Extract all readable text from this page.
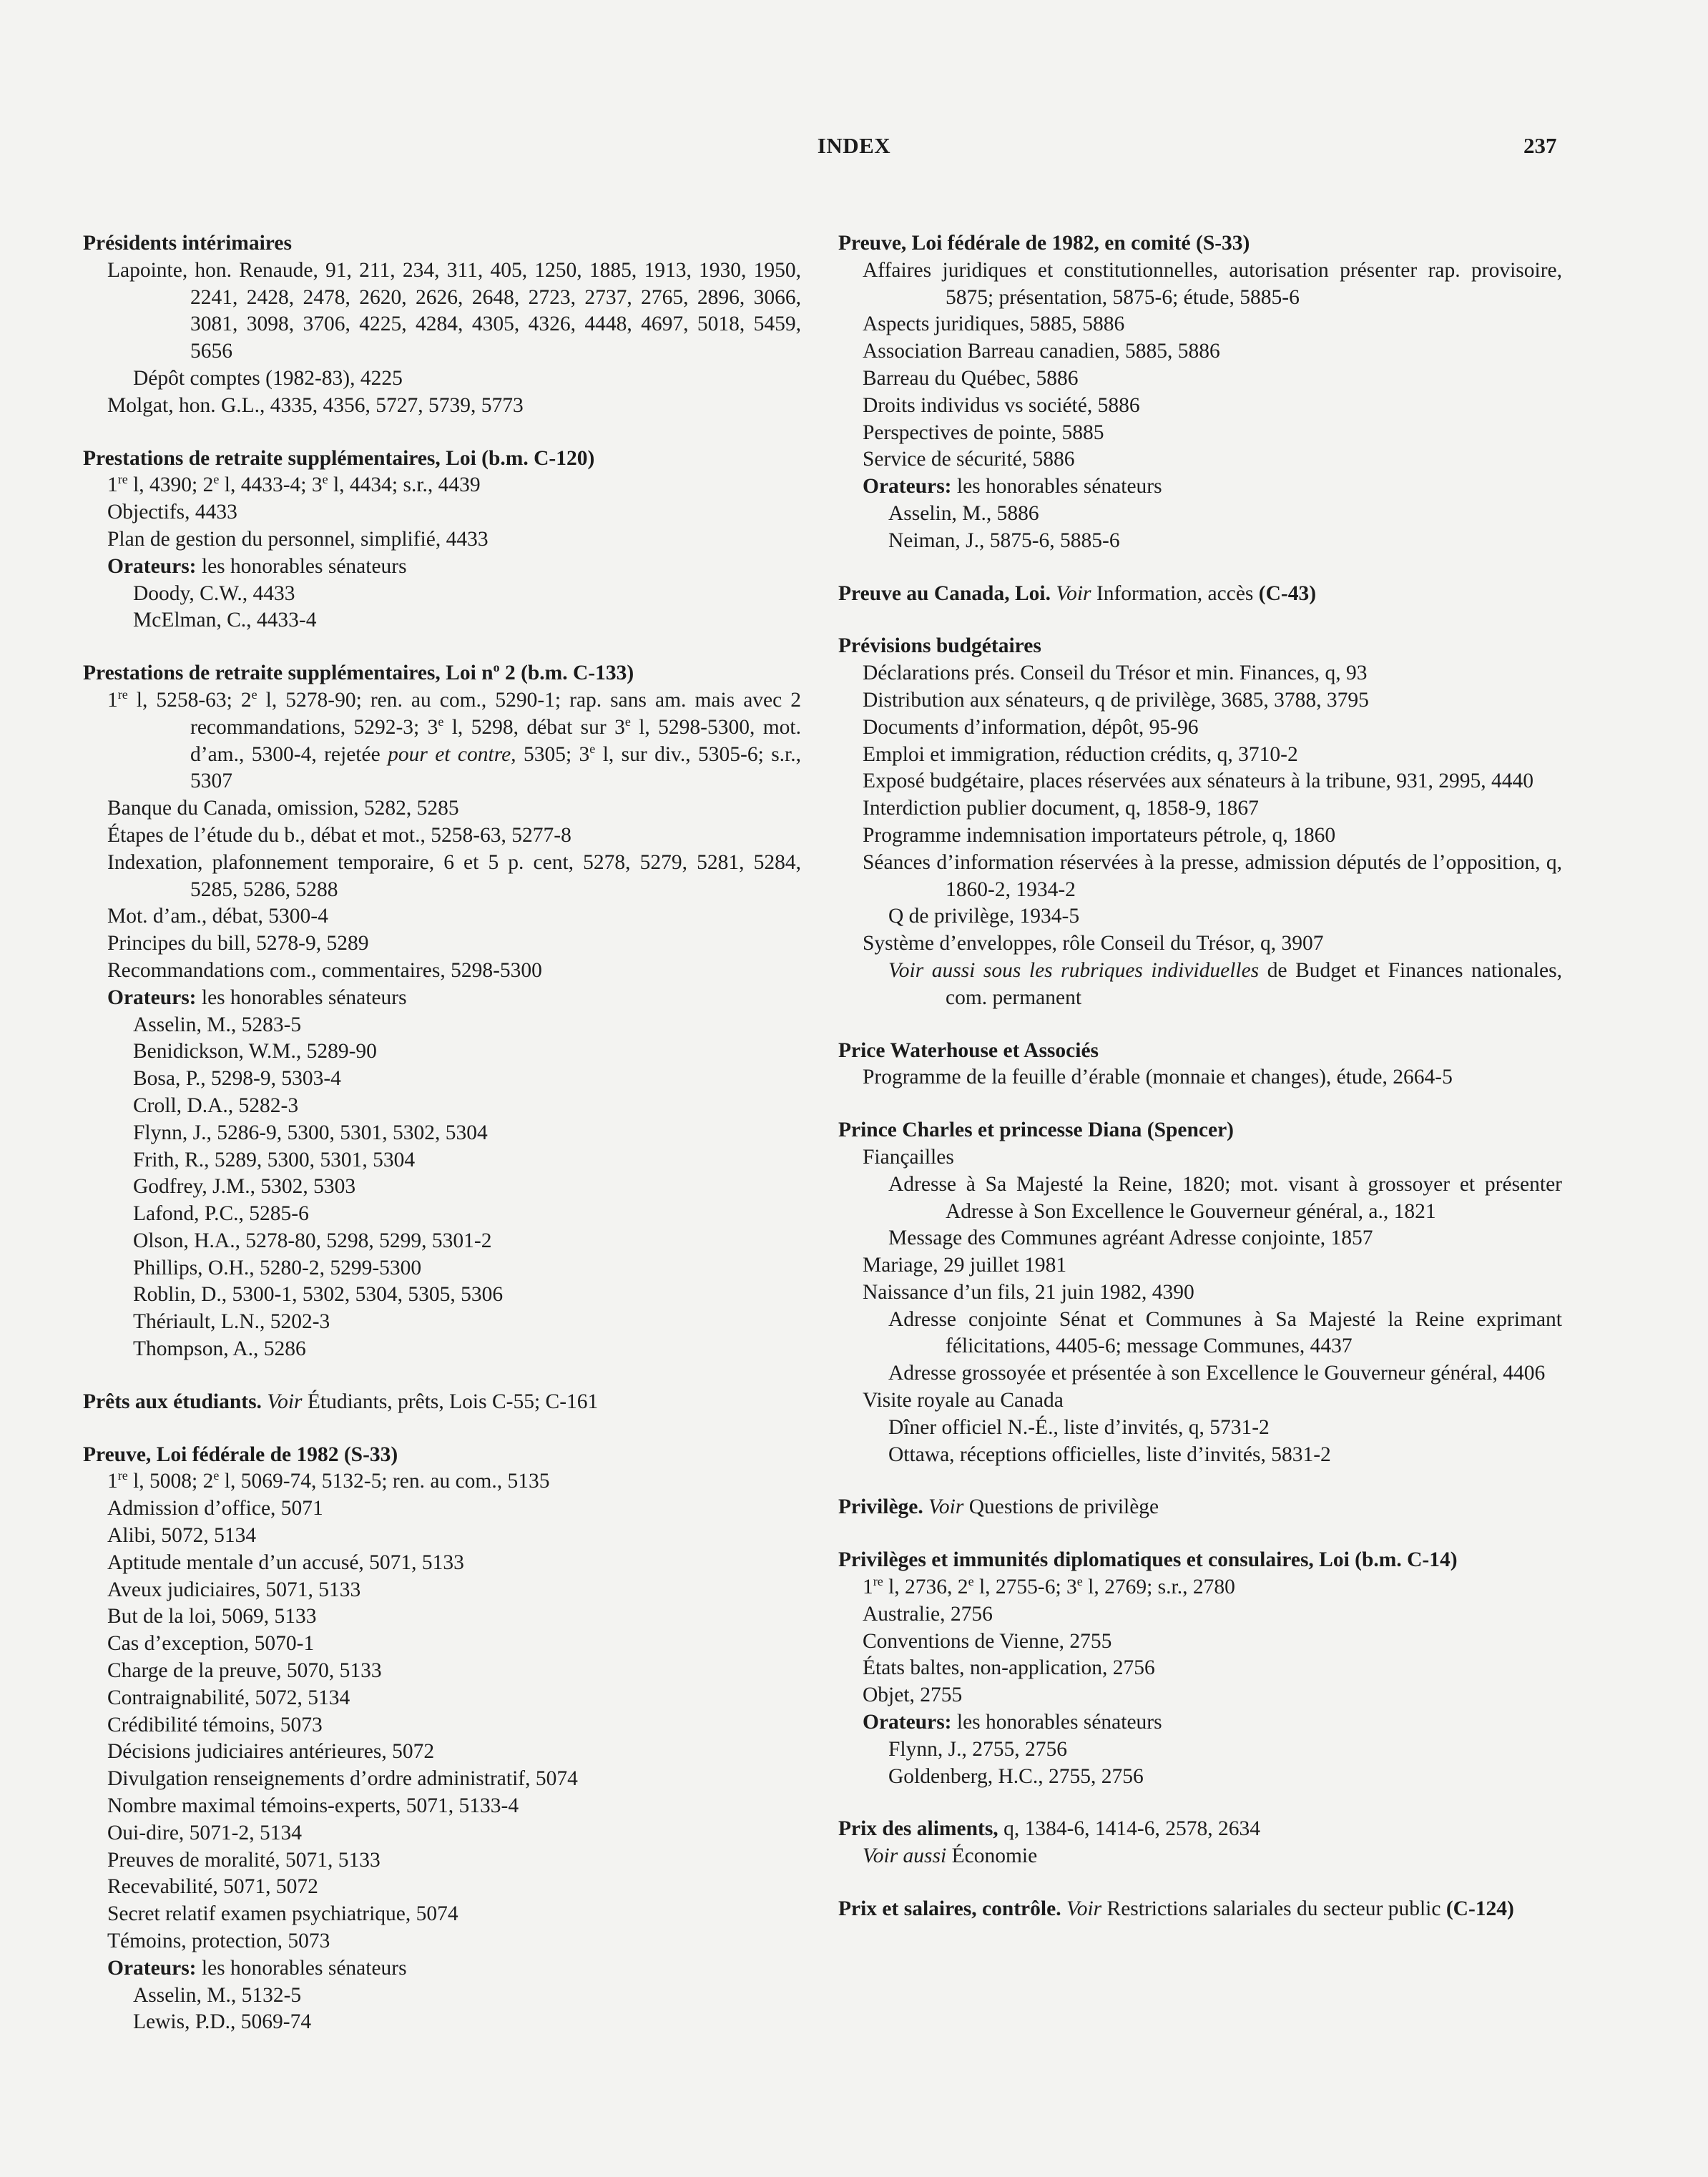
INDEX	237
Présidents intérimaires
Lapointe, hon. Renaude, 91, 211, 234, 311, 405, 1250, 1885, 1913, 1930, 1950, 2241, 2428, 2478, 2620, 2626, 2648, 2723, 2737, 2765, 2896, 3066, 3081, 3098, 3706, 4225, 4284, 4305, 4326, 4448, 4697, 5018, 5459, 5656
Dépôt comptes (1982-83), 4225
Molgat, hon. G.L., 4335, 4356, 5727, 5739, 5773
Prestations de retraite supplémentaires, Loi (b.m. C-120)
1re l, 4390; 2e l, 4433-4; 3e l, 4434; s.r., 4439
Objectifs, 4433
Plan de gestion du personnel, simplifié, 4433
Orateurs: les honorables sénateurs
Doody, C.W., 4433
McElman, C., 4433-4
Prestations de retraite supplémentaires, Loi $n^o$ 2 (b.m. C-133)
1re l, 5258-63; 2e l, 5278-90; ren. au com., 5290-1; rap. sans am. mais avec 2 recommandations, 5292-3; 3e l, 5298, débat sur 3e l, 5298-5300, mot. d’am., 5300-4, rejetée pour et contre, 5305; 3e l, sur div., 5305-6; s.r., 5307
Banque du Canada, omission, 5282, 5285
Étapes de l’étude du b., débat et mot., 5258-63, 5277-8
Indexation, plafonnement temporaire, 6 et 5 p. cent, 5278, 5279, 5281, 5284, 5285, 5286, 5288
Mot. d’am., débat, 5300-4
Principes du bill, 5278-9, 5289
Recommandations com., commentaires, 5298-5300
Orateurs: les honorables sénateurs
Asselin, M., 5283-5
Benidickson, W.M., 5289-90
Bosa, P., 5298-9, 5303-4
Croll, D.A., 5282-3
Flynn, J., 5286-9, 5300, 5301, 5302, 5304
Frith, R., 5289, 5300, 5301, 5304
Godfrey, J.M., 5302, 5303
Lafond, P.C., 5285-6
Olson, H.A., 5278-80, 5298, 5299, 5301-2
Phillips, O.H., 5280-2, 5299-5300
Roblin, D., 5300-1, 5302, 5304, 5305, 5306
Thériault, L.N., 5202-3
Thompson, A., 5286
Prêts aux étudiants. Voir Étudiants, prêts, Lois C-55; C-161
Preuve, Loi fédérale de 1982 (S-33)
1re l, 5008; 2e l, 5069-74, 5132-5; ren. au com., 5135
Admission d’office, 5071
Alibi, 5072, 5134
Aptitude mentale d’un accusé, 5071, 5133
Aveux judiciaires, 5071, 5133
But de la loi, 5069, 5133
Cas d’exception, 5070-1
Charge de la preuve, 5070, 5133
Contraignabilité, 5072, 5134
Crédibilité témoins, 5073
Décisions judiciaires antérieures, 5072
Divulgation renseignements d’ordre administratif, 5074
Nombre maximal témoins-experts, 5071, 5133-4
Oui-dire, 5071-2, 5134
Preuves de moralité, 5071, 5133
Recevabilité, 5071, 5072
Secret relatif examen psychiatrique, 5074
Témoins, protection, 5073
Orateurs: les honorables sénateurs
Asselin, M., 5132-5
Lewis, P.D., 5069-74
Preuve, Loi fédérale de 1982, en comité (S-33)
Affaires juridiques et constitutionnelles, autorisation présenter rap. provisoire, 5875; présentation, 5875-6; étude, 5885-6
Aspects juridiques, 5885, 5886
Association Barreau canadien, 5885, 5886
Barreau du Québec, 5886
Droits individus vs société, 5886
Perspectives de pointe, 5885
Service de sécurité, 5886
Orateurs: les honorables sénateurs
Asselin, M., 5886
Neiman, J., 5875-6, 5885-6
Preuve au Canada, Loi. Voir Information, accès (C-43)
Prévisions budgétaires
Déclarations prés. Conseil du Trésor et min. Finances, q, 93
Distribution aux sénateurs, q de privilège, 3685, 3788, 3795
Documents d’information, dépôt, 95-96
Emploi et immigration, réduction crédits, q, 3710-2
Exposé budgétaire, places réservées aux sénateurs à la tribune, 931, 2995, 4440
Interdiction publier document, q, 1858-9, 1867
Programme indemnisation importateurs pétrole, q, 1860
Séances d’information réservées à la presse, admission députés de l’opposition, q, 1860-2, 1934-2
Q de privilège, 1934-5
Système d’enveloppes, rôle Conseil du Trésor, q, 3907
Voir aussi sous les rubriques individuelles de Budget et Finances nationales, com. permanent
Price Waterhouse et Associés
Programme de la feuille d’érable (monnaie et changes), étude, 2664-5
Prince Charles et princesse Diana (Spencer)
Fiançailles
Adresse à Sa Majesté la Reine, 1820; mot. visant à grossoyer et présenter Adresse à Son Excellence le Gouverneur général, a., 1821
Message des Communes agréant Adresse conjointe, 1857
Mariage, 29 juillet 1981
Naissance d’un fils, 21 juin 1982, 4390
Adresse conjointe Sénat et Communes à Sa Majesté la Reine exprimant félicitations, 4405-6; message Communes, 4437
Adresse grossoyée et présentée à son Excellence le Gouverneur général, 4406
Visite royale au Canada
Dîner officiel N.-É., liste d’invités, q, 5731-2
Ottawa, réceptions officielles, liste d’invités, 5831-2
Privilège. Voir Questions de privilège
Privilèges et immunités diplomatiques et consulaires, Loi (b.m. C-14)
1re l, 2736, 2e l, 2755-6; 3e l, 2769; s.r., 2780
Australie, 2756
Conventions de Vienne, 2755
États baltes, non-application, 2756
Objet, 2755
Orateurs: les honorables sénateurs
Flynn, J., 2755, 2756
Goldenberg, H.C., 2755, 2756
Prix des aliments, q, 1384-6, 1414-6, 2578, 2634
Voir aussi Économie
Prix et salaires, contrôle. Voir Restrictions salariales du secteur public (C-124)
